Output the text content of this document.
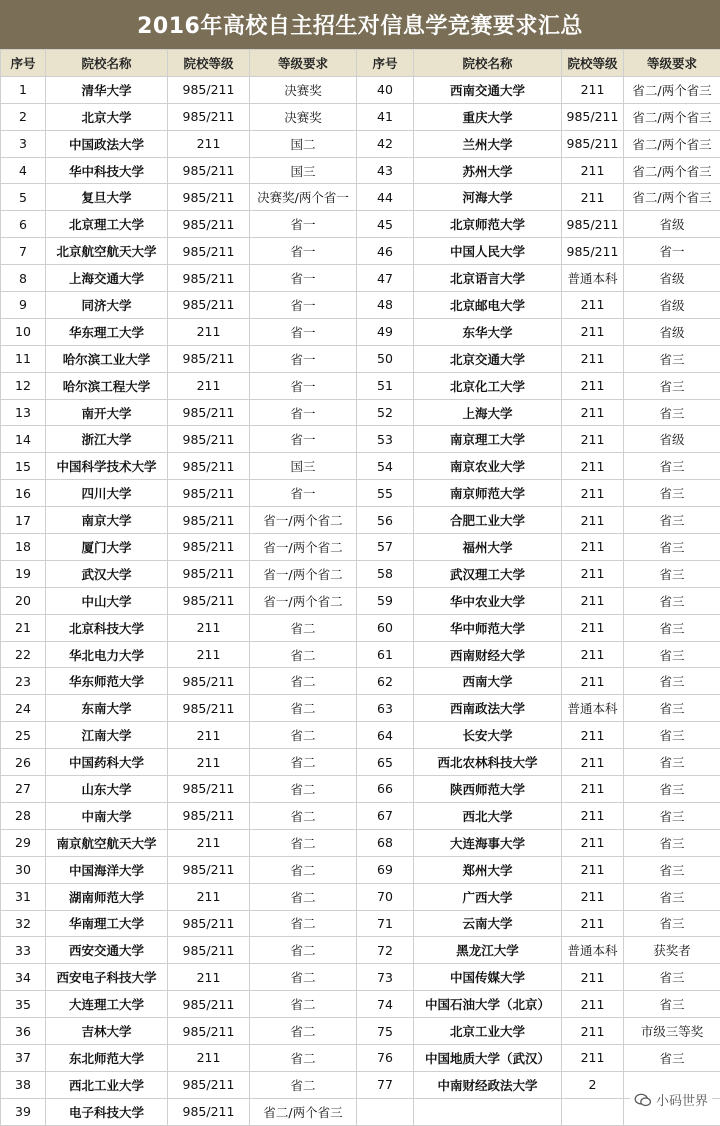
2016年高校自主招生对信息学竞赛要求汇总
序号	院校名称	院校等级	等级要求	序号	院校名称	院校等级	等级要求
1	清华大学	985/211	决赛奖	40	西南交通大学	211	省二/两个省三
2	北京大学	985/211	决赛奖	41	重庆大学	985/211	省二/两个省三
3	中国政法大学	211	国二	42	兰州大学	985/211	省二/两个省三
4	华中科技大学	985/211	国三	43	苏州大学	211	省二/两个省三
5	复旦大学	985/211	决赛奖/两个省一	44	河海大学	211	省二/两个省三
6	北京理工大学	985/211	省一	45	北京师范大学	985/211	省级
7	北京航空航天大学	985/211	省一	46	中国人民大学	985/211	省一
8	上海交通大学	985/211	省一	47	北京语言大学	普通本科	省级
9	同济大学	985/211	省一	48	北京邮电大学	211	省级
10	华东理工大学	211	省一	49	东华大学	211	省级
11	哈尔滨工业大学	985/211	省一	50	北京交通大学	211	省三
12	哈尔滨工程大学	211	省一	51	北京化工大学	211	省三
13	南开大学	985/211	省一	52	上海大学	211	省三
14	浙江大学	985/211	省一	53	南京理工大学	211	省级
15	中国科学技术大学	985/211	国三	54	南京农业大学	211	省三
16	四川大学	985/211	省一	55	南京师范大学	211	省三
17	南京大学	985/211	省一/两个省二	56	合肥工业大学	211	省三
18	厦门大学	985/211	省一/两个省二	57	福州大学	211	省三
19	武汉大学	985/211	省一/两个省二	58	武汉理工大学	211	省三
20	中山大学	985/211	省一/两个省二	59	华中农业大学	211	省三
21	北京科技大学	211	省二	60	华中师范大学	211	省三
22	华北电力大学	211	省二	61	西南财经大学	211	省三
23	华东师范大学	985/211	省二	62	西南大学	211	省三
24	东南大学	985/211	省二	63	西南政法大学	普通本科	省三
25	江南大学	211	省二	64	长安大学	211	省三
26	中国药科大学	211	省二	65	西北农林科技大学	211	省三
27	山东大学	985/211	省二	66	陕西师范大学	211	省三
28	中南大学	985/211	省二	67	西北大学	211	省三
29	南京航空航天大学	211	省二	68	大连海事大学	211	省三
30	中国海洋大学	985/211	省二	69	郑州大学	211	省三
31	湖南师范大学	211	省二	70	广西大学	211	省三
32	华南理工大学	985/211	省二	71	云南大学	211	省三
33	西安交通大学	985/211	省二	72	黑龙江大学	普通本科	获奖者
34	西安电子科技大学	211	省二	73	中国传媒大学	211	省三
35	大连理工大学	985/211	省二	74	中国石油大学（北京）	211	省三
36	吉林大学	985/211	省二	75	北京工业大学	211	市级三等奖
37	东北师范大学	211	省二	76	中国地质大学（武汉）	211	省三
38	西北工业大学	985/211	省二	77	中南财经政法大学	2	
39	电子科技大学	985/211	省二/两个省三					小码世界
